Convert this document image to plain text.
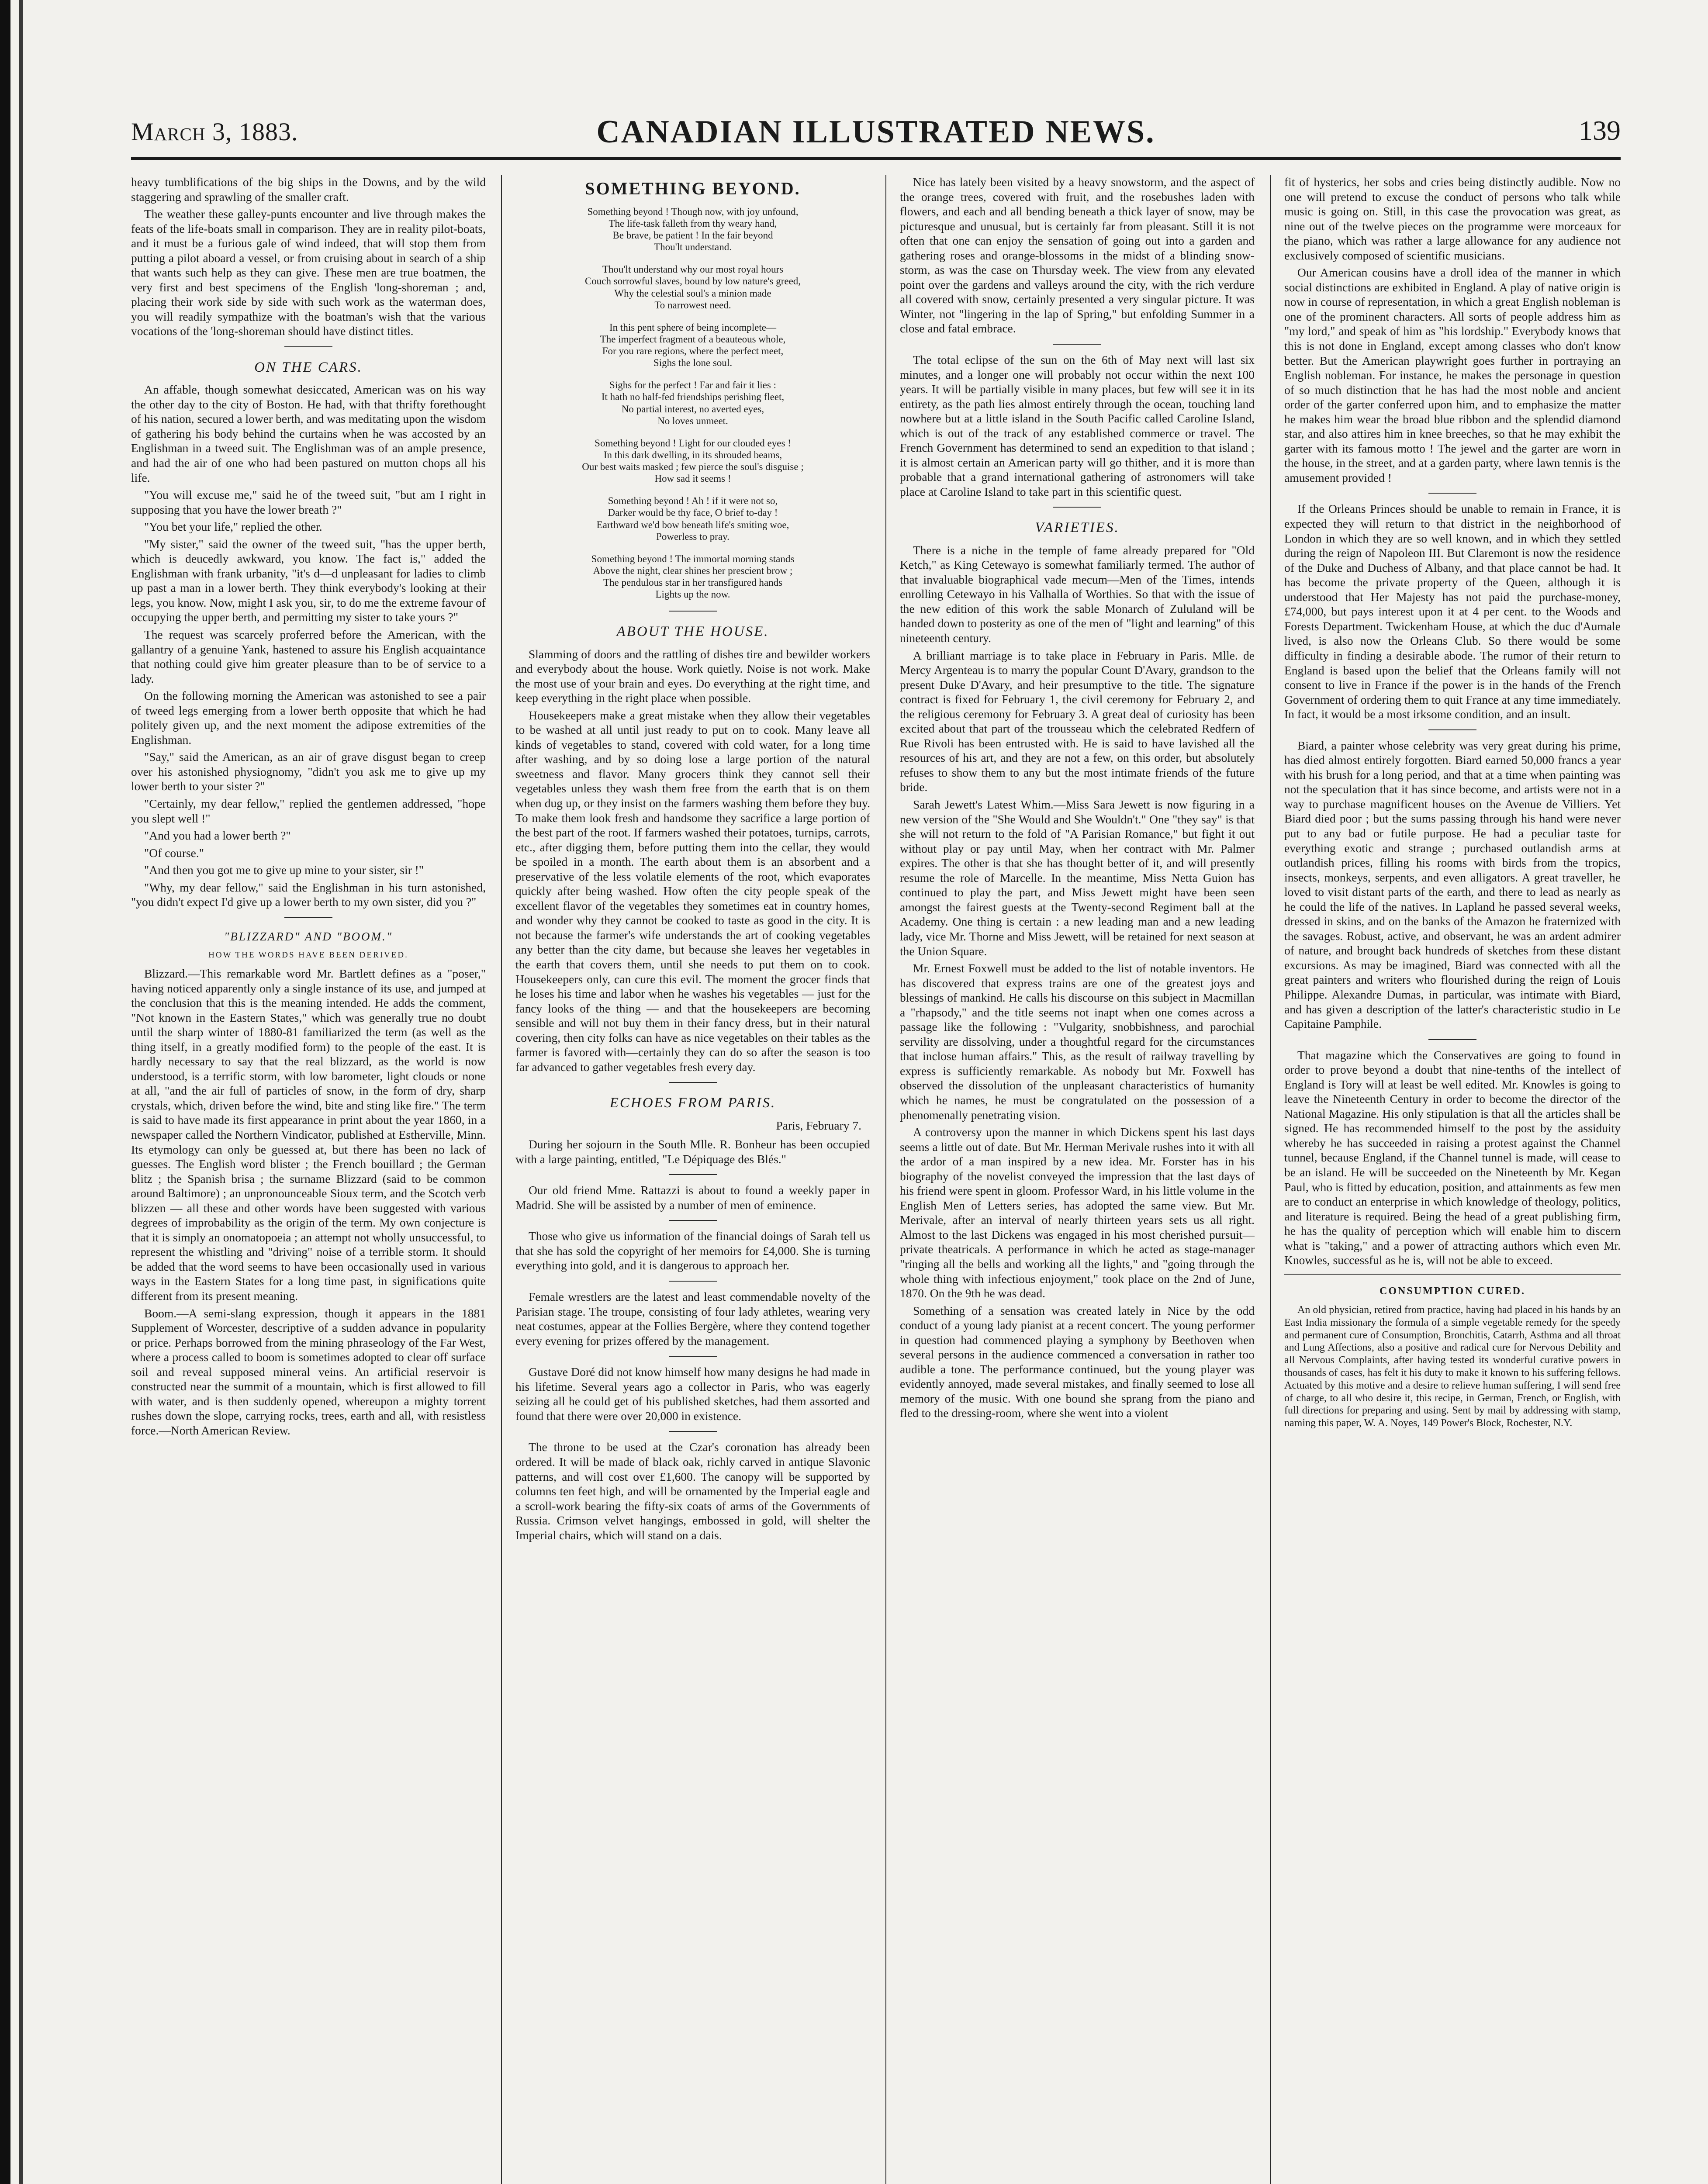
March 3, 1883.	CANADIAN ILLUSTRATED NEWS.	139

heavy tumblifications of the big ships in the Downs, and by the wild staggering and sprawling of the smaller craft.

The weather these galley-punts encounter and live through makes the feats of the life-boats small in comparison. They are in reality pilot-boats, and it must be a furious gale of wind indeed, that will stop them from putting a pilot aboard a vessel, or from cruising about in search of a ship that wants such help as they can give. These men are true boatmen, the very first and best specimens of the English 'long-shoreman ; and, placing their work side by side with such work as the waterman does, you will readily sympathize with the boatman's wish that the various vocations of the 'long-shoreman should have distinct titles.

ON THE CARS.

An affable, though somewhat desiccated, American was on his way the other day to the city of Boston. He had, with that thrifty forethought of his nation, secured a lower berth, and was meditating upon the wisdom of gathering his body behind the curtains when he was accosted by an Englishman in a tweed suit. The Englishman was of an ample presence, and had the air of one who had been pastured on mutton chops all his life.

"You will excuse me," said he of the tweed suit, "but am I right in supposing that you have the lower breath ?"

"You bet your life," replied the other.

"My sister," said the owner of the tweed suit, "has the upper berth, which is deucedly awkward, you know. The fact is," added the Englishman with frank urbanity, "it's d—d unpleasant for ladies to climb up past a man in a lower berth. They think everybody's looking at their legs, you know. Now, might I ask you, sir, to do me the extreme favour of occupying the upper berth, and permitting my sister to take yours ?"

The request was scarcely proferred before the American, with the gallantry of a genuine Yank, hastened to assure his English acquaintance that nothing could give him greater pleasure than to be of service to a lady.

On the following morning the American was astonished to see a pair of tweed legs emerging from a lower berth opposite that which he had politely given up, and the next moment the adipose extremities of the Englishman.

"Say," said the American, as an air of grave disgust began to creep over his astonished physiognomy, "didn't you ask me to give up my lower berth to your sister ?"

"Certainly, my dear fellow," replied the gentlemen addressed, "hope you slept well !"

"And you had a lower berth ?"

"Of course."

"And then you got me to give up mine to your sister, sir !"

"Why, my dear fellow," said the Englishman in his turn astonished, "you didn't expect I'd give up a lower berth to my own sister, did you ?"

"BLIZZARD" AND "BOOM."
HOW THE WORDS HAVE BEEN DERIVED.

Blizzard.—This remarkable word Mr. Bartlett defines as a "poser," having noticed apparently only a single instance of its use, and jumped at the conclusion that this is the meaning intended. He adds the comment, "Not known in the Eastern States," which was generally true no doubt until the sharp winter of 1880-81 familiarized the term (as well as the thing itself, in a greatly modified form) to the people of the east. It is hardly necessary to say that the real blizzard, as the world is now understood, is a terrific storm, with low barometer, light clouds or none at all, "and the air full of particles of snow, in the form of dry, sharp crystals, which, driven before the wind, bite and sting like fire." The term is said to have made its first appearance in print about the year 1860, in a newspaper called the Northern Vindicator, published at Estherville, Minn. Its etymology can only be guessed at, but there has been no lack of guesses. The English word blister ; the French bouillard ; the German blitz ; the Spanish brisa ; the surname Blizzard (said to be common around Baltimore) ; an unpronounceable Sioux term, and the Scotch verb blizzen — all these and other words have been suggested with various degrees of improbability as the origin of the term. My own conjecture is that it is simply an onomatopoeia ; an attempt not wholly unsuccessful, to represent the whistling and "driving" noise of a terrible storm. It should be added that the word seems to have been occasionally used in various ways in the Eastern States for a long time past, in significations quite different from its present meaning.

Boom.—A semi-slang expression, though it appears in the 1881 Supplement of Worcester, descriptive of a sudden advance in popularity or price. Perhaps borrowed from the mining phraseology of the Far West, where a process called to boom is sometimes adopted to clear off surface soil and reveal supposed mineral veins. An artificial reservoir is constructed near the summit of a mountain, which is first allowed to fill with water, and is then suddenly opened, whereupon a mighty torrent rushes down the slope, carrying rocks, trees, earth and all, with resistless force.—North American Review.

SOMETHING BEYOND.
Something beyond ! Though now, with joy unfound,
The life-task falleth from thy weary hand,
Be brave, be patient ! In the fair beyond
Thou'lt understand.
Thou'lt understand why our most royal hours
Couch sorrowful slaves, bound by low nature's greed,
Why the celestial soul's a minion made
To narrowest need.
In this pent sphere of being incomplete—
The imperfect fragment of a beauteous whole,
For you rare regions, where the perfect meet,
Sighs the lone soul.
Sighs for the perfect ! Far and fair it lies :
It hath no half-fed friendships perishing fleet,
No partial interest, no averted eyes,
No loves unmeet.
Something beyond ! Light for our clouded eyes !
In this dark dwelling, in its shrouded beams,
Our best waits masked ; few pierce the soul's disguise ;
How sad it seems !
Something beyond ! Ah ! if it were not so,
Darker would be thy face, O brief to-day !
Earthward we'd bow beneath life's smiting woe,
Powerless to pray.
Something beyond ! The immortal morning stands
Above the night, clear shines her prescient brow ;
The pendulous star in her transfigured hands
Lights up the now.
ABOUT THE HOUSE.

Slamming of doors and the rattling of dishes tire and bewilder workers and everybody about the house. Work quietly. Noise is not work. Make the most use of your brain and eyes. Do everything at the right time, and keep everything in the right place when possible.

Housekeepers make a great mistake when they allow their vegetables to be washed at all until just ready to put on to cook. Many leave all kinds of vegetables to stand, covered with cold water, for a long time after washing, and by so doing lose a large portion of the natural sweetness and flavor. Many grocers think they cannot sell their vegetables unless they wash them free from the earth that is on them when dug up, or they insist on the farmers washing them before they buy. To make them look fresh and handsome they sacrifice a large portion of the best part of the root. If farmers washed their potatoes, turnips, carrots, etc., after digging them, before putting them into the cellar, they would be spoiled in a month. The earth about them is an absorbent and a preservative of the less volatile elements of the root, which evaporates quickly after being washed. How often the city people speak of the excellent flavor of the vegetables they sometimes eat in country homes, and wonder why they cannot be cooked to taste as good in the city. It is not because the farmer's wife understands the art of cooking vegetables any better than the city dame, but because she leaves her vegetables in the earth that covers them, until she needs to put them on to cook. Housekeepers only, can cure this evil. The moment the grocer finds that he loses his time and labor when he washes his vegetables — just for the fancy looks of the thing — and that the housekeepers are becoming sensible and will not buy them in their fancy dress, but in their natural covering, then city folks can have as nice vegetables on their tables as the farmer is favored with—certainly they can do so after the season is too far advanced to gather vegetables fresh every day.

ECHOES FROM PARIS.
Paris, February 7.

During her sojourn in the South Mlle. R. Bonheur has been occupied with a large painting, entitled, "Le Dépiquage des Blés."

Our old friend Mme. Rattazzi is about to found a weekly paper in Madrid. She will be assisted by a number of men of eminence.

Those who give us information of the financial doings of Sarah tell us that she has sold the copyright of her memoirs for £4,000. She is turning everything into gold, and it is dangerous to approach her.

Female wrestlers are the latest and least commendable novelty of the Parisian stage. The troupe, consisting of four lady athletes, wearing very neat costumes, appear at the Follies Bergère, where they contend together every evening for prizes offered by the management.

Gustave Doré did not know himself how many designs he had made in his lifetime. Several years ago a collector in Paris, who was eagerly seizing all he could get of his published sketches, had them assorted and found that there were over 20,000 in existence.

The throne to be used at the Czar's coronation has already been ordered. It will be made of black oak, richly carved in antique Slavonic patterns, and will cost over £1,600. The canopy will be supported by columns ten feet high, and will be ornamented by the Imperial eagle and a scroll-work bearing the fifty-six coats of arms of the Governments of Russia. Crimson velvet hangings, embossed in gold, will shelter the Imperial chairs, which will stand on a dais.

Nice has lately been visited by a heavy snowstorm, and the aspect of the orange trees, covered with fruit, and the rosebushes laden with flowers, and each and all bending beneath a thick layer of snow, may be picturesque and unusual, but is certainly far from pleasant. Still it is not often that one can enjoy the sensation of going out into a garden and gathering roses and orange-blossoms in the midst of a blinding snow-storm, as was the case on Thursday week. The view from any elevated point over the gardens and valleys around the city, with the rich verdure all covered with snow, certainly presented a very singular picture. It was Winter, not "lingering in the lap of Spring," but enfolding Summer in a close and fatal embrace.

The total eclipse of the sun on the 6th of May next will last six minutes, and a longer one will probably not occur within the next 100 years. It will be partially visible in many places, but few will see it in its entirety, as the path lies almost entirely through the ocean, touching land nowhere but at a little island in the South Pacific called Caroline Island, which is out of the track of any established commerce or travel. The French Government has determined to send an expedition to that island ; it is almost certain an American party will go thither, and it is more than probable that a grand international gathering of astronomers will take place at Caroline Island to take part in this scientific quest.

VARIETIES.

There is a niche in the temple of fame already prepared for "Old Ketch," as King Cetewayo is somewhat familiarly termed. The author of that invaluable biographical vade mecum—Men of the Times, intends enrolling Cetewayo in his Valhalla of Worthies. So that with the issue of the new edition of this work the sable Monarch of Zululand will be handed down to posterity as one of the men of "light and learning" of this nineteenth century.

A brilliant marriage is to take place in February in Paris. Mlle. de Mercy Argenteau is to marry the popular Count D'Avary, grandson to the present Duke D'Avary, and heir presumptive to the title. The signature contract is fixed for February 1, the civil ceremony for February 2, and the religious ceremony for February 3. A great deal of curiosity has been excited about that part of the trousseau which the celebrated Redfern of Rue Rivoli has been entrusted with. He is said to have lavished all the resources of his art, and they are not a few, on this order, but absolutely refuses to show them to any but the most intimate friends of the future bride.

Sarah Jewett's Latest Whim.—Miss Sara Jewett is now figuring in a new version of the "She Would and She Wouldn't." One "they say" is that she will not return to the fold of "A Parisian Romance," but fight it out without play or pay until May, when her contract with Mr. Palmer expires. The other is that she has thought better of it, and will presently resume the role of Marcelle. In the meantime, Miss Netta Guion has continued to play the part, and Miss Jewett might have been seen amongst the fairest guests at the Twenty-second Regiment ball at the Academy. One thing is certain : a new leading man and a new leading lady, vice Mr. Thorne and Miss Jewett, will be retained for next season at the Union Square.

Mr. Ernest Foxwell must be added to the list of notable inventors. He has discovered that express trains are one of the greatest joys and blessings of mankind. He calls his discourse on this subject in Macmillan a "rhapsody," and the title seems not inapt when one comes across a passage like the following : "Vulgarity, snobbishness, and parochial servility are dissolving, under a thoughtful regard for the circumstances that inclose human affairs." This, as the result of railway travelling by express is sufficiently remarkable. As nobody but Mr. Foxwell has observed the dissolution of the unpleasant characteristics of humanity which he names, he must be congratulated on the possession of a phenomenally penetrating vision.

A controversy upon the manner in which Dickens spent his last days seems a little out of date. But Mr. Herman Merivale rushes into it with all the ardor of a man inspired by a new idea. Mr. Forster has in his biography of the novelist conveyed the impression that the last days of his friend were spent in gloom. Professor Ward, in his little volume in the English Men of Letters series, has adopted the same view. But Mr. Merivale, after an interval of nearly thirteen years sets us all right. Almost to the last Dickens was engaged in his most cherished pursuit—private theatricals. A performance in which he acted as stage-manager "ringing all the bells and working all the lights," and "going through the whole thing with infectious enjoyment," took place on the 2nd of June, 1870. On the 9th he was dead.

Something of a sensation was created lately in Nice by the odd conduct of a young lady pianist at a recent concert. The young performer in question had commenced playing a symphony by Beethoven when several persons in the audience commenced a conversation in rather too audible a tone. The performance continued, but the young player was evidently annoyed, made several mistakes, and finally seemed to lose all memory of the music. With one bound she sprang from the piano and fled to the dressing-room, where she went into a violent

fit of hysterics, her sobs and cries being distinctly audible. Now no one will pretend to excuse the conduct of persons who talk while music is going on. Still, in this case the provocation was great, as nine out of the twelve pieces on the programme were morceaux for the piano, which was rather a large allowance for any audience not exclusively composed of scientific musicians.

Our American cousins have a droll idea of the manner in which social distinctions are exhibited in England. A play of native origin is now in course of representation, in which a great English nobleman is one of the prominent characters. All sorts of people address him as "my lord," and speak of him as "his lordship." Everybody knows that this is not done in England, except among classes who don't know better. But the American playwright goes further in portraying an English nobleman. For instance, he makes the personage in question of so much distinction that he has had the most noble and ancient order of the garter conferred upon him, and to emphasize the matter he makes him wear the broad blue ribbon and the splendid diamond star, and also attires him in knee breeches, so that he may exhibit the garter with its famous motto ! The jewel and the garter are worn in the house, in the street, and at a garden party, where lawn tennis is the amusement provided !

If the Orleans Princes should be unable to remain in France, it is expected they will return to that district in the neighborhood of London in which they are so well known, and in which they settled during the reign of Napoleon III. But Claremont is now the residence of the Duke and Duchess of Albany, and that place cannot be had. It has become the private property of the Queen, although it is understood that Her Majesty has not paid the purchase-money, £74,000, but pays interest upon it at 4 per cent. to the Woods and Forests Department. Twickenham House, at which the duc d'Aumale lived, is also now the Orleans Club. So there would be some difficulty in finding a desirable abode. The rumor of their return to England is based upon the belief that the Orleans family will not consent to live in France if the power is in the hands of the French Government of ordering them to quit France at any time immediately. In fact, it would be a most irksome condition, and an insult.

Biard, a painter whose celebrity was very great during his prime, has died almost entirely forgotten. Biard earned 50,000 francs a year with his brush for a long period, and that at a time when painting was not the speculation that it has since become, and artists were not in a way to purchase magnificent houses on the Avenue de Villiers. Yet Biard died poor ; but the sums passing through his hand were never put to any bad or futile purpose. He had a peculiar taste for everything exotic and strange ; purchased outlandish arms at outlandish prices, filling his rooms with birds from the tropics, insects, monkeys, serpents, and even alligators. A great traveller, he loved to visit distant parts of the earth, and there to lead as nearly as he could the life of the natives. In Lapland he passed several weeks, dressed in skins, and on the banks of the Amazon he fraternized with the savages. Robust, active, and observant, he was an ardent admirer of nature, and brought back hundreds of sketches from these distant excursions. As may be imagined, Biard was connected with all the great painters and writers who flourished during the reign of Louis Philippe. Alexandre Dumas, in particular, was intimate with Biard, and has given a description of the latter's characteristic studio in Le Capitaine Pamphile.

That magazine which the Conservatives are going to found in order to prove beyond a doubt that nine-tenths of the intellect of England is Tory will at least be well edited. Mr. Knowles is going to leave the Nineteenth Century in order to become the director of the National Magazine. His only stipulation is that all the articles shall be signed. He has recommended himself to the post by the assiduity whereby he has succeeded in raising a protest against the Channel tunnel, because England, if the Channel tunnel is made, will cease to be an island. He will be succeeded on the Nineteenth by Mr. Kegan Paul, who is fitted by education, position, and attainments as few men are to conduct an enterprise in which knowledge of theology, politics, and literature is required. Being the head of a great publishing firm, he has the quality of perception which will enable him to discern what is "taking," and a power of attracting authors which even Mr. Knowles, successful as he is, will not be able to exceed.

CONSUMPTION CURED.

An old physician, retired from practice, having had placed in his hands by an East India missionary the formula of a simple vegetable remedy for the speedy and permanent cure of Consumption, Bronchitis, Catarrh, Asthma and all throat and Lung Affections, also a positive and radical cure for Nervous Debility and all Nervous Complaints, after having tested its wonderful curative powers in thousands of cases, has felt it his duty to make it known to his suffering fellows. Actuated by this motive and a desire to relieve human suffering, I will send free of charge, to all who desire it, this recipe, in German, French, or English, with full directions for preparing and using. Sent by mail by addressing with stamp, naming this paper, W. A. Noyes, 149 Power's Block, Rochester, N.Y.
